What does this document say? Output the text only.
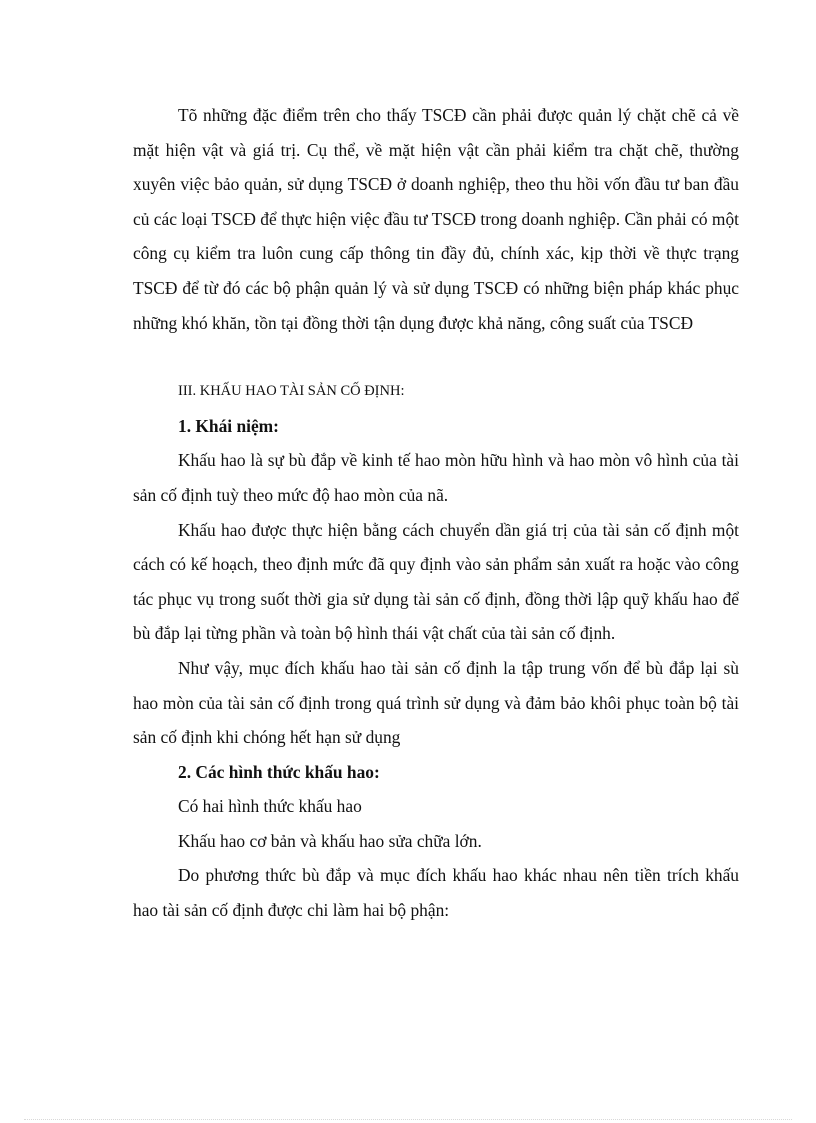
Tõ những đặc điểm trên cho thấy TSCĐ cần phải được quản lý chặt chẽ cả về mặt hiện vật và giá trị. Cụ thể, về mặt hiện vật cần phải kiểm tra chặt chẽ, thường xuyên việc bảo quản, sử dụng TSCĐ ở doanh nghiệp, theo thu hồi vốn đầu tư ban đầu củ các loại TSCĐ để thực hiện việc đầu tư TSCĐ trong doanh nghiệp. Cần phải có một công cụ kiểm tra luôn cung cấp thông tin đầy đủ, chính xác, kịp thời về thực trạng TSCĐ để từ đó các bộ phận quản lý và sử dụng TSCĐ có những biện pháp khác phục những khó khăn, tồn tại đồng thời tận dụng được khả năng, công suất của TSCĐ

III. KHẤU HAO TÀI SẢN CỐ ĐỊNH:

1. Khái niệm:

Khấu hao là sự bù đắp về kinh tế hao mòn hữu hình và hao mòn vô hình của tài sản cố định tuỳ theo mức độ hao mòn của nã.

Khấu hao được thực hiện bằng cách chuyển dần giá trị của tài sản cố định một cách có kế hoạch, theo định mức đã quy định vào sản phẩm sản xuất ra hoặc vào công tác phục vụ trong suốt thời gia sử dụng tài sản cố định, đồng thời lập quỹ khấu hao để bù đắp lại từng phần và toàn bộ hình thái vật chất của tài sản cố định.

Như vậy, mục đích khấu hao tài sản cố định la tập trung vốn để bù đắp lại sù hao mòn của tài sản cố định trong quá trình sử dụng và đảm bảo khôi phục toàn bộ tài sản cố định khi chóng hết hạn sử dụng

2. Các hình thức khấu hao:

Có hai hình thức khấu hao

Khấu hao cơ bản và khấu hao sửa chữa lớn.

Do phương thức bù đắp và mục đích khấu hao khác nhau nên tiền trích khấu hao tài sản cố định được chi làm hai bộ phận:
